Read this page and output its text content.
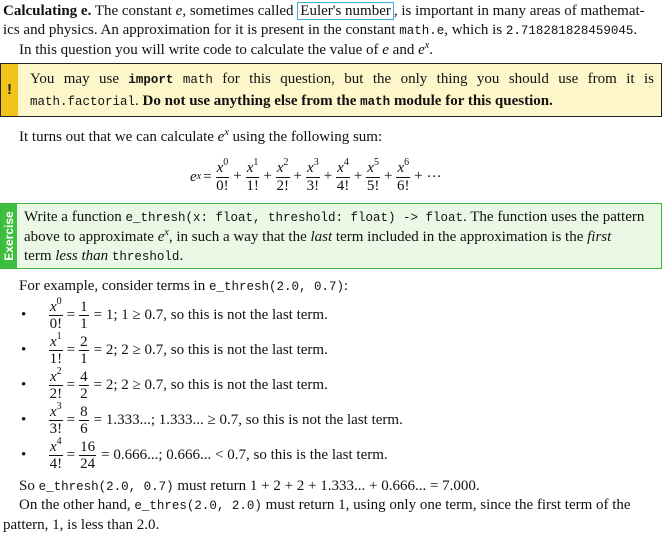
Calculating e. The constant e, sometimes called Euler's number , is important in many areas of mathemat-
ics and physics. An approximation for it is present in the constant math.e, which is 2.718281828459045.
In this question you will write code to calculate the value of e and $e^x$.
!
You may use import math for this question, but the only thing you should use from it is
math.factorial. Do not use anything else from the math module for this question.
It turns out that we can calculate $e^x$ using the following sum:
e $x = \frac{x^0}{0!} + \frac{x^1}{1!} + \frac{x^2}{2!} + \frac{x^3}{3!} + \frac{x^4}{4!} + \frac{x^5}{5!} + \frac{x^6}{6!}$ + ···
Exercise Write a function e_thresh(x: float, threshold: float) -> float. The function uses the pattern
above to approximate $e^x$, in such a way that the last term included in the approximation is the first
term less than threshold.
For example, consider terms in e_thresh(2.0, 0.7):
•	$\frac{x^0}{0!} = \frac{1}{1} = 1$; 1 ≥ 0.7, so this is not the last term.
•	$\frac{x^1}{1!} = \frac{2}{1} = 2$; 2 ≥ 0.7, so this is not the last term.
•	$\frac{x^2}{2!} = \frac{4}{2} = 2$; 2 ≥ 0.7, so this is not the last term.
•	$\frac{x^3}{3!} = \frac{8}{6} = 1.333$...; 1.333... ≥ 0.7, so this is not the last term.
•	$\frac{x^4}{4!} = \frac{16}{24} = 0.666$...; 0.666... < 0.7, so this is the last term.
So e_thresh(2.0, 0.7) must return 1 + 2 + 2 + 1.333... + 0.666... = 7.000.
On the other hand, e_thres(2.0, 2.0) must return 1, using only one term, since the first term of the
pattern, 1, is less than 2.0.
